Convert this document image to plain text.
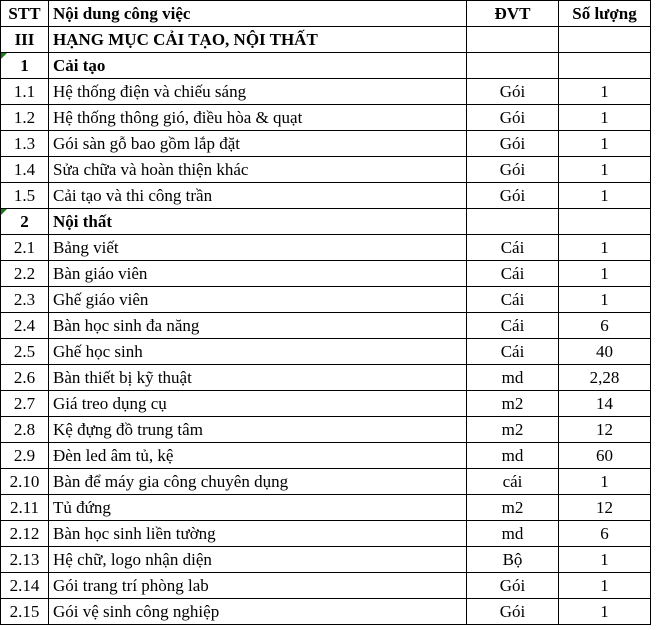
STT	Nội dung công việc	ĐVT	Số lượng
III	HẠNG MỤC CẢI TẠO, NỘI THẤT		

1	Cải tạo		
1.1	Hệ thống điện và chiếu sáng	Gói	1
1.2	Hệ thống thông gió, điều hòa & quạt	Gói	1
1.3	Gói sàn gỗ bao gồm lắp đặt	Gói	1
1.4	Sửa chữa và hoàn thiện khác	Gói	1
1.5	Cải tạo và thi công trần	Gói	1

2	Nội thất		
2.1	Bảng viết	Cái	1
2.2	Bàn giáo viên	Cái	1
2.3	Ghế giáo viên	Cái	1
2.4	Bàn học sinh đa năng	Cái	6
2.5	Ghế học sinh	Cái	40
2.6	Bàn thiết bị kỹ thuật	md	2,28
2.7	Giá treo dụng cụ	m2	14
2.8	Kệ đựng đồ trung tâm	m2	12
2.9	Đèn led âm tủ, kệ	md	60
2.10	Bàn để máy gia công chuyên dụng	cái	1
2.11	Tủ đứng	m2	12
2.12	Bàn học sinh liền tường	md	6
2.13	Hệ chữ, logo nhận diện	Bộ	1
2.14	Gói trang trí phòng lab	Gói	1
2.15	Gói vệ sinh công nghiệp	Gói	1
